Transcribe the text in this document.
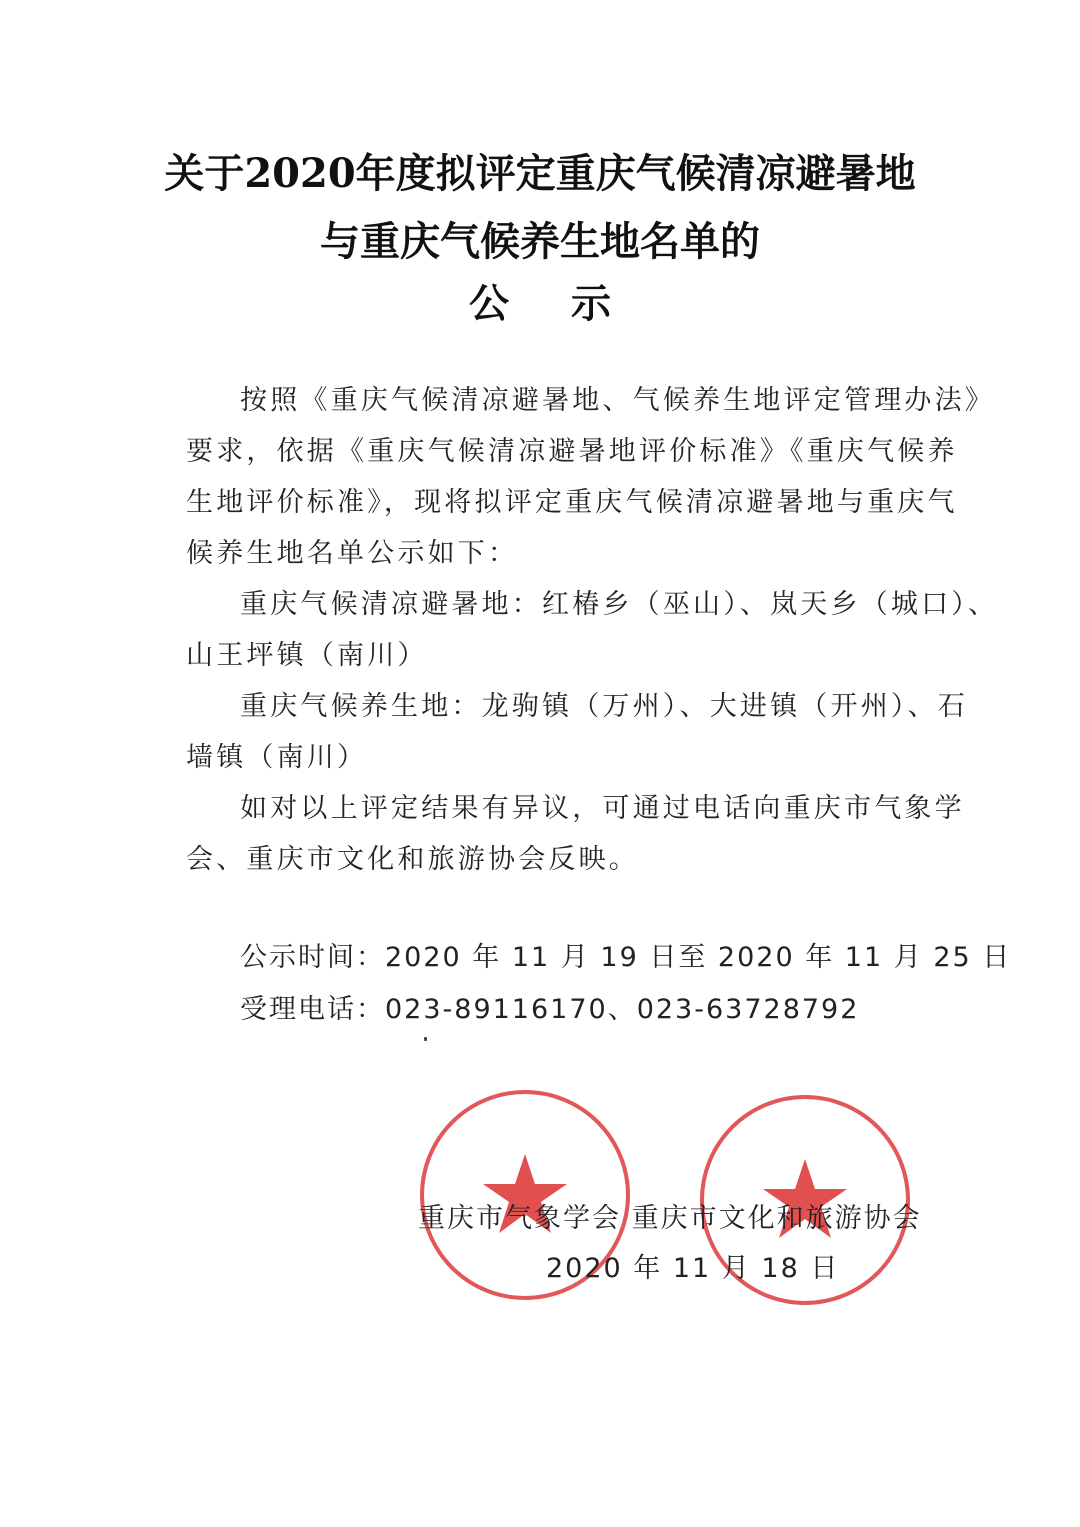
关于2020年度拟评定重庆气候清凉避暑地
与重庆气候养生地名单的
公示

按照《重庆气候清凉避暑地、气候养生地评定管理办法》

要求，依据《重庆气候清凉避暑地评价标准》《重庆气候养

生地评价标准》，现将拟评定重庆气候清凉避暑地与重庆气

候养生地名单公示如下：

重庆气候清凉避暑地：红椿乡（巫山）、岚天乡（城口）、

山王坪镇（南川）

重庆气候养生地：龙驹镇（万州）、大进镇（开州）、石

墙镇（南川）

如对以上评定结果有异议，可通过电话向重庆市气象学

会、重庆市文化和旅游协会反映。

公示时间：2020 年 11 月 19 日至 2020 年 11 月 25 日
受理电话：023-89116170、023-63728792
重庆市气象学会 重庆市文化和旅游协会
2020 年 11 月 18 日
